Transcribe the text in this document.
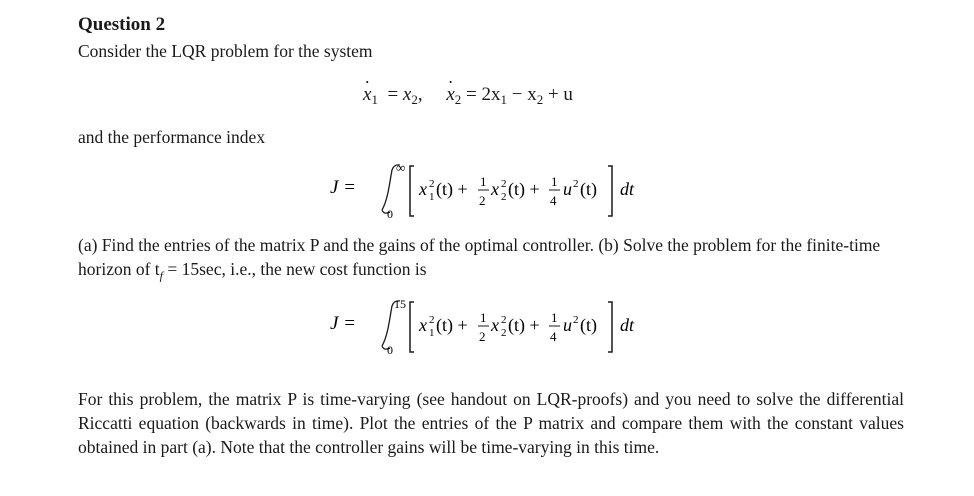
Question 2
Consider the LQR problem for the system
· $x_1 = x_2$,     · $x_2 = 2x_1 - x_2 + u$
and the performance index
J =
∞
0
x 2
1 (t) + 1
2
x 2
2 (t) + 1
4
u 2 (t) dt
(a) Find the entries of the matrix P and the gains of the optimal controller. (b) Solve the problem for the finite-time horizon of $t_f = 15\sec$, i.e., the new cost function is
J =
15
0
x 2
1 (t) + 1
2
x 2
2 (t) + 1
4
u 2 (t) dt
For this problem, the matrix P is time-varying (see handout on LQR-proofs) and you need to solve the differential Riccatti equation (backwards in time). Plot the entries of the P matrix and compare them with the constant values obtained in part (a). Note that the controller gains will be time-varying in this time.
